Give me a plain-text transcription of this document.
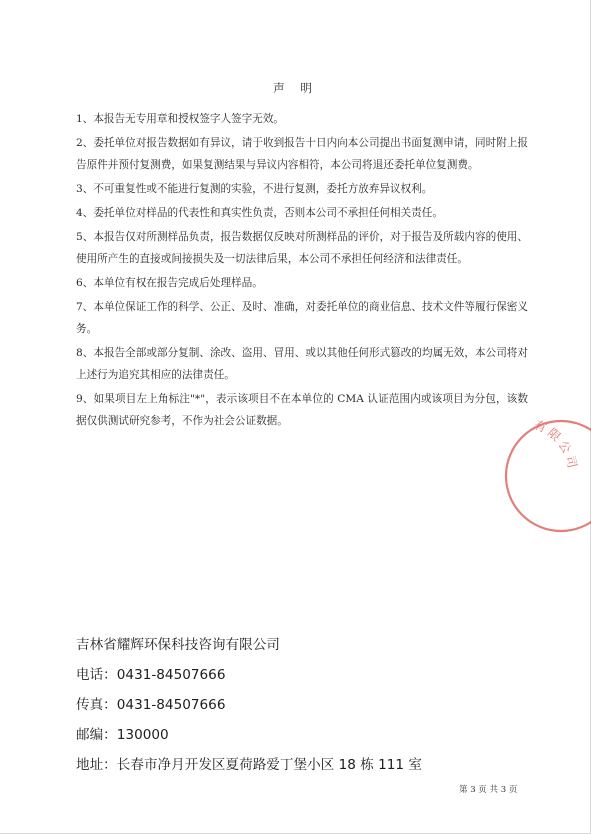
声 明

1、本报告无专用章和授权签字人签字无效。

2、委托单位对报告数据如有异议，请于收到报告十日内向本公司提出书面复测申请，同时附上报告原件并预付复测费，如果复测结果与异议内容相符，本公司将退还委托单位复测费。

3、不可重复性或不能进行复测的实验，不进行复测，委托方放弃异议权利。

4、委托单位对样品的代表性和真实性负责，否则本公司不承担任何相关责任。

5、本报告仅对所测样品负责，报告数据仅反映对所测样品的评价，对于报告及所载内容的使用、使用所产生的直接或间接损失及一切法律后果，本公司不承担任何经济和法律责任。

6、本单位有权在报告完成后处理样品。

7、本单位保证工作的科学、公正、及时、准确，对委托单位的商业信息、技术文件等履行保密义务。

8、本报告全部或部分复制、涂改、盗用、冒用、或以其他任何形式篡改的均属无效，本公司将对上述行为追究其相应的法律责任。

9、如果项目左上角标注"*"，表示该项目不在本单位的 CMA 认证范围内或该项目为分包，该数据仅供测试研究参考，不作为社会公证数据。	有限公司
吉林省耀辉环保科技咨询有限公司
电话：0431-84507666
传真：0431-84507666
邮编：130000
地址：长春市净月开发区夏荷路爱丁堡小区 18 栋 111 室
第 3 页 共 3 页
